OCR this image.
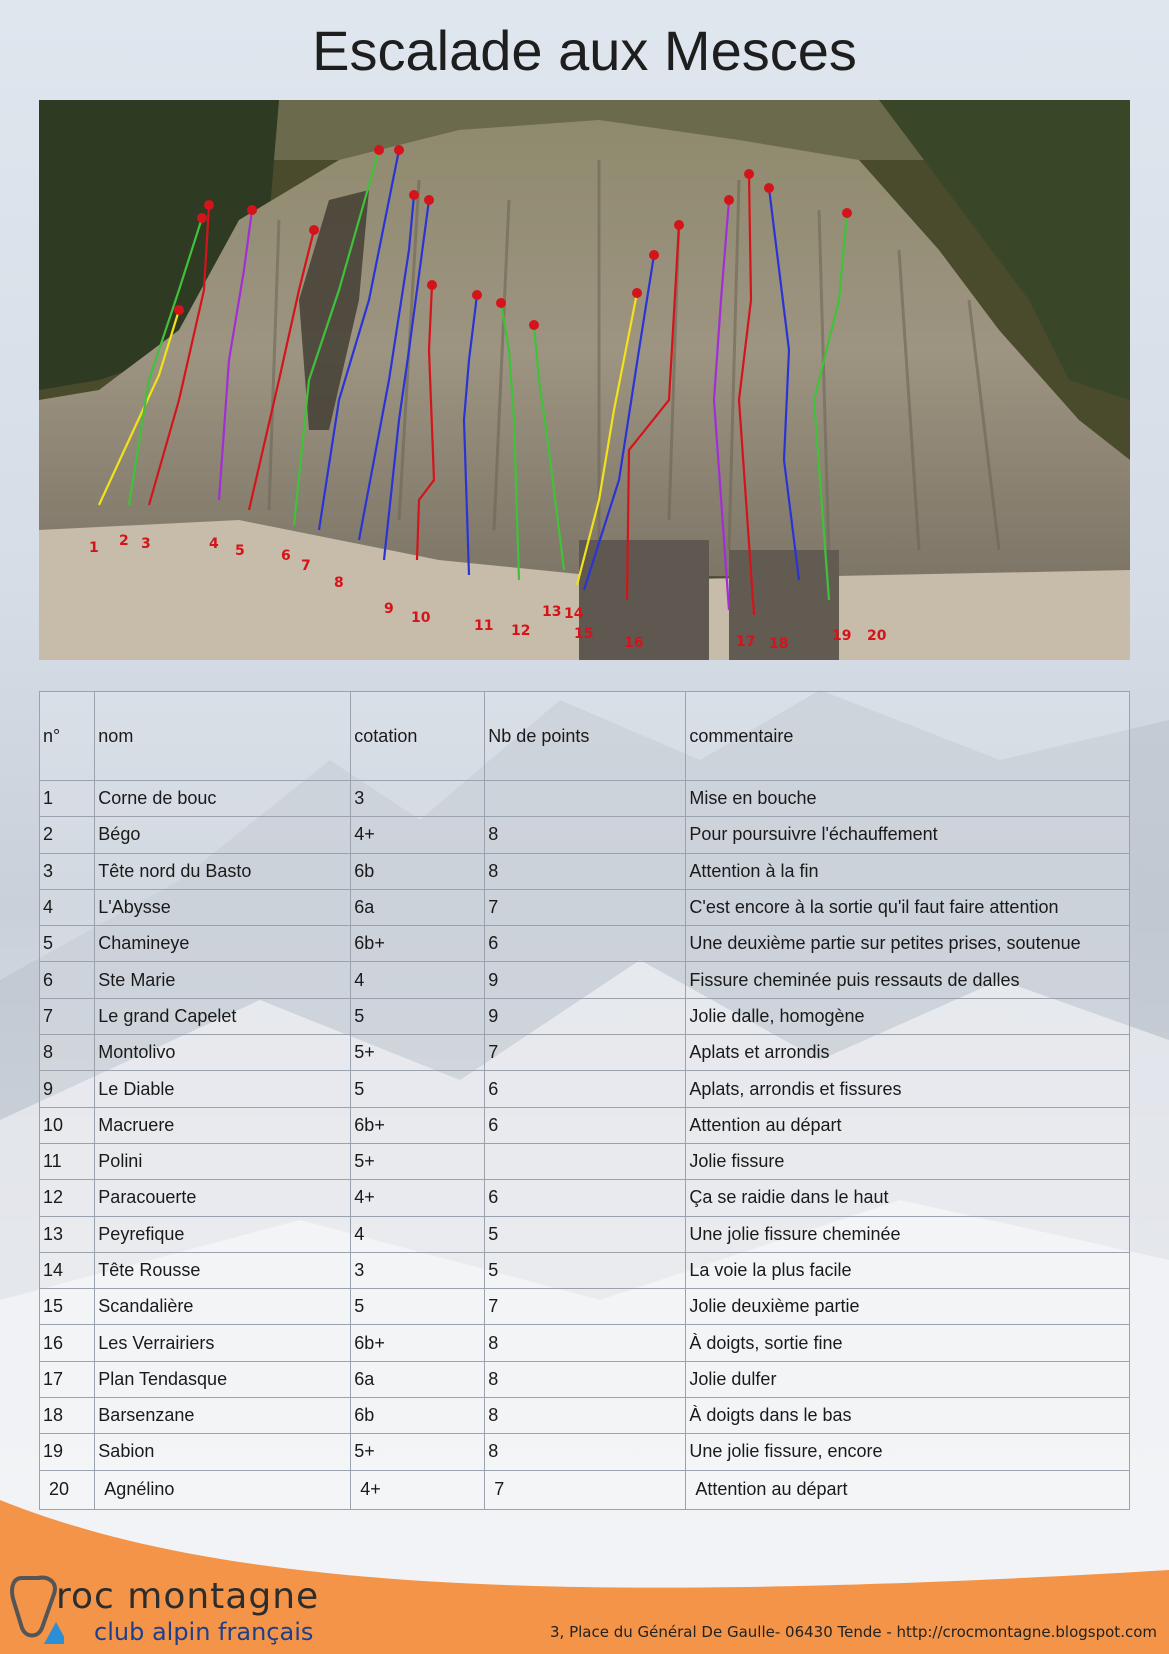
Escalade aux Mesces
1 2 3	4 5	6
7
8
9
10	11 12
13 14
15
16	17 18	19 20
n°	nom	cotation	Nb de points	commentaire
1	Corne de bouc	3		Mise en bouche
2	Bégo	4+	8	Pour poursuivre l'échauffement
3	Tête nord du Basto	6b	8	Attention à la fin
4	L'Abysse	6a	7	C'est encore à la sortie qu'il faut faire attention
5	Chamineye	6b+	6	Une deuxième partie sur petites prises, soutenue
6	Ste Marie	4	9	Fissure cheminée puis ressauts de dalles
7	Le grand Capelet	5	9	Jolie dalle, homogène
8	Montolivo	5+	7	Aplats et arrondis
9	Le Diable	5	6	Aplats, arrondis et fissures
10	Macruere	6b+	6	Attention au départ
11	Polini	5+		Jolie fissure
12	Paracouerte	4+	6	Ça se raidie dans le haut
13	Peyrefique	4	5	Une jolie fissure cheminée
14	Tête Rousse	3	5	La voie la plus facile
15	Scandalière	5	7	Jolie deuxième partie
16	Les Verrairiers	6b+	8	À doigts, sortie fine
17	Plan Tendasque	6a	8	Jolie dulfer
18	Barsenzane	6b	8	À doigts dans le bas
19	Sabion	5+	8	Une jolie fissure, encore
20	Agnélino	4+	7	Attention au départ
roc montagne
club alpin français	3, Place du Général De Gaulle- 06430 Tende - http://crocmontagne.blogspot.com
